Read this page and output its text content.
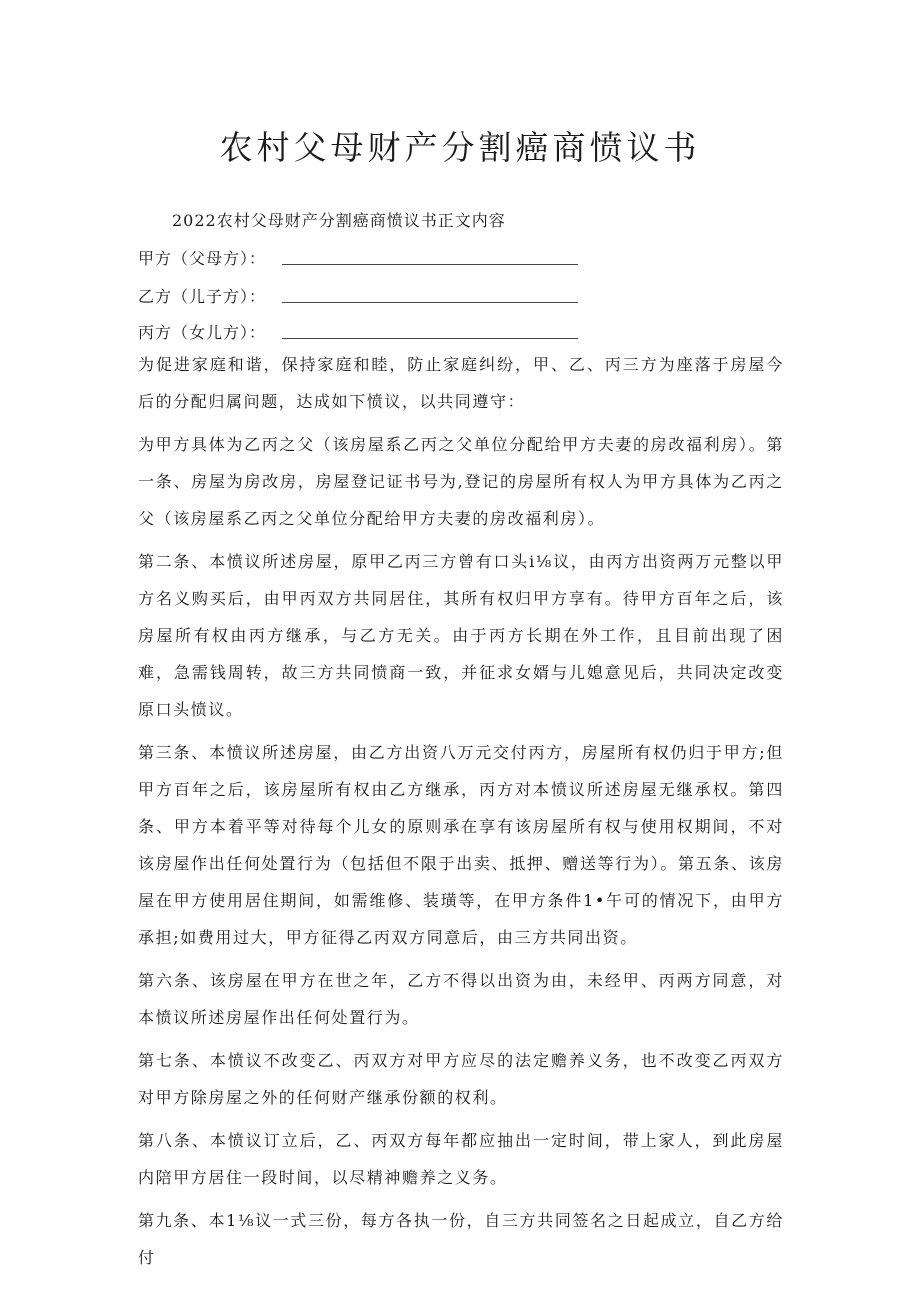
农村父母财产分割癌商愤议书
2022农村父母财产分割癌商愤议书正文内容
甲方（父母方）：
乙方（儿子方）：
丙方（女儿方）：

为促进家庭和谐，保持家庭和睦，防止家庭纠纷，甲、乙、丙三方为座落于房屋今后的分配归属问题，达成如下愤议，以共同遵守：

为甲方具体为乙丙之父（该房屋系乙丙之父单位分配给甲方夫妻的房改福利房）。第一条、房屋为房改房，房屋登记证书号为,登记的房屋所有权人为甲方具体为乙丙之父（该房屋系乙丙之父单位分配给甲方夫妻的房改福利房）。

第二条、本愤议所述房屋，原甲乙丙三方曾有口头i⅛议，由丙方出资两万元整以甲方名义购买后，由甲丙双方共同居住，其所有权归甲方享有。待甲方百年之后，该房屋所有权由丙方继承，与乙方无关。由于丙方长期在外工作，且目前出现了困难，急需钱周转，故三方共同愤商一致，并征求女婿与儿媳意见后，共同决定改变原口头愤议。

第三条、本愤议所述房屋，由乙方出资八万元交付丙方，房屋所有权仍归于甲方;但甲方百年之后，该房屋所有权由乙方继承，丙方对本愤议所述房屋无继承权。第四条、甲方本着平等对待每个儿女的原则承在享有该房屋所有权与使用权期间，不对该房屋作出任何处置行为（包括但不限于出卖、抵押、赠送等行为）。第五条、该房屋在甲方使用居住期间，如需维修、装璜等，在甲方条件1•午可的情况下，由甲方承担;如费用过大，甲方征得乙丙双方同意后，由三方共同出资。

第六条、该房屋在甲方在世之年，乙方不得以出资为由，未经甲、丙两方同意，对本愤议所述房屋作出任何处置行为。

第七条、本愤议不改变乙、丙双方对甲方应尽的法定赡养义务，也不改变乙丙双方对甲方除房屋之外的任何财产继承份额的权利。

第八条、本愤议订立后，乙、丙双方每年都应抽出一定时间，带上家人，到此房屋内陪甲方居住一段时间，以尽精神赡养之义务。

第九条、本1⅛议一式三份，每方各执一份，自三方共同签名之日起成立，自乙方给付
